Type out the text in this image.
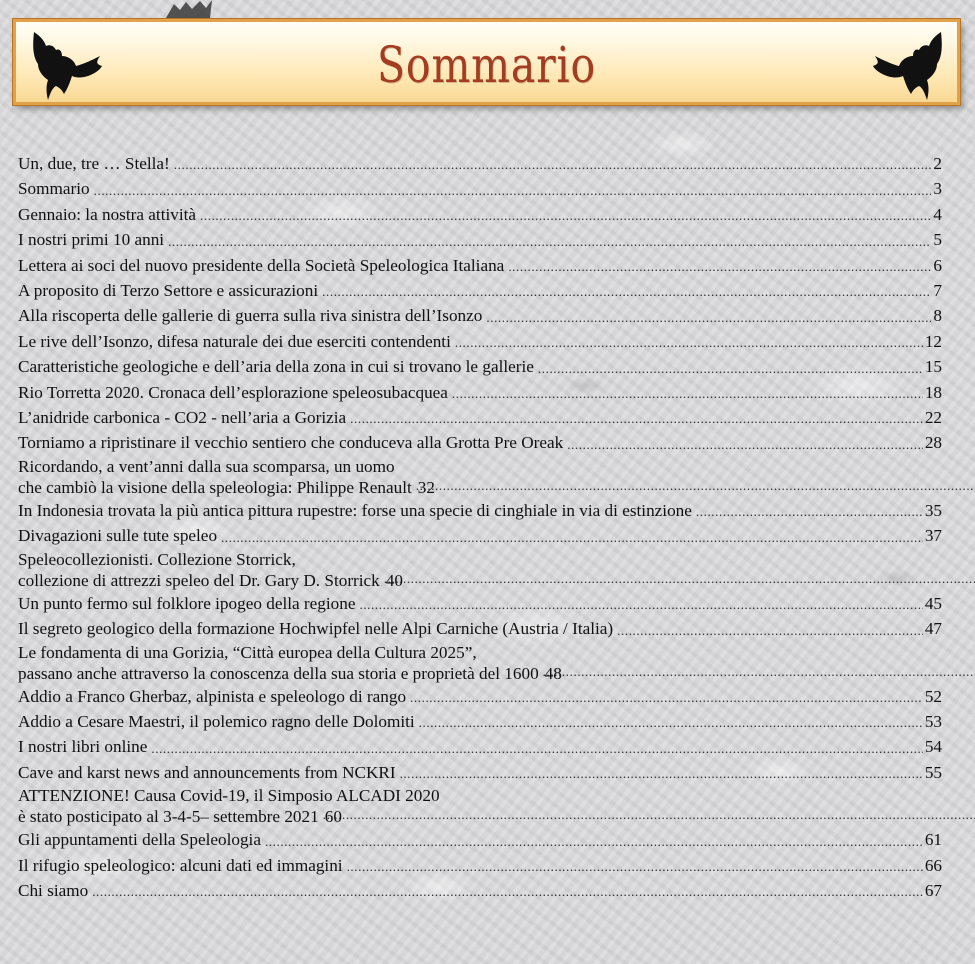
Sommario
Un, due, tre … Stella! .....	2
Sommario .....	3
Gennaio: la nostra attività .....	4
I nostri primi 10 anni .....	5
Lettera ai soci del nuovo presidente della Società Speleologica Italiana .....	6
A proposito di Terzo Settore e assicurazioni .....	7
Alla riscoperta delle gallerie di guerra sulla riva sinistra dell’Isonzo .....	8
Le rive dell’Isonzo, difesa naturale dei due eserciti contendenti .....	12
Caratteristiche geologiche e dell’aria della zona in cui si trovano le gallerie .....	15
Rio Torretta 2020. Cronaca dell’esplorazione speleosubacquea .....	18
L’anidride carbonica - CO2 - nell’aria a Gorizia .....	22
Torniamo a ripristinare il vecchio sentiero che conduceva alla Grotta Pre Oreak .....	28
Ricordando, a vent’anni dalla sua scomparsa, un uomo
che cambiò la visione della speleologia: Philippe Renault 32
In Indonesia trovata la più antica pittura rupestre: forse una specie di cinghiale in via di estinzione .....	35
Divagazioni sulle tute speleo .....	37
Speleocollezionisti. Collezione Storrick,
collezione di attrezzi speleo del Dr. Gary D. Storrick 40
Un punto fermo sul folklore ipogeo della regione .....	45
Il segreto geologico della formazione Hochwipfel nelle Alpi Carniche (Austria / Italia) .....	47
Le fondamenta di una Gorizia, “Città europea della Cultura 2025”,
passano anche attraverso la conoscenza della sua storia e proprietà del 1600 48
Addio a Franco Gherbaz, alpinista e speleologo di rango .....	52
Addio a Cesare Maestri, il polemico ragno delle Dolomiti .....	53
I nostri libri online .....	54
Cave and karst news and announcements from NCKRI .....	55
ATTENZIONE! Causa Covid-19, il Simposio ALCADI 2020
è stato posticipato al 3-4-5– settembre 2021 60
Gli appuntamenti della Speleologia .....	61
Il rifugio speleologico: alcuni dati ed immagini .....	66
Chi siamo .....	67
